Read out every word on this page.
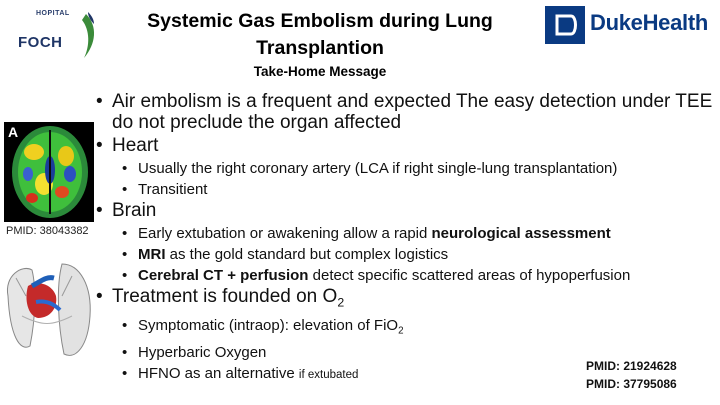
HOPITAL
FOCH
Systemic Gas Embolism during Lung
Transplantion
Take-Home Message
DukeHealth
A
PMID: 38043382
• Air embolism is a frequent and expected The easy detection under TEE do not preclude the organ affected
• Heart
• Usually the right coronary artery (LCA if right single-lung transplantation)
• Transitient
• Brain
• Early extubation or awakening allow a rapid neurological assessment
• MRI as the gold standard but complex logistics
• Cerebral CT + perfusion detect specific scattered areas of hypoperfusion
• Treatment is founded on $O_2$
• Symptomatic (intraop): elevation of FiO$_2$
• Hyperbaric Oxygen
• HFNO as an alternative if extubated
PMID: 21924628
PMID: 37795086
